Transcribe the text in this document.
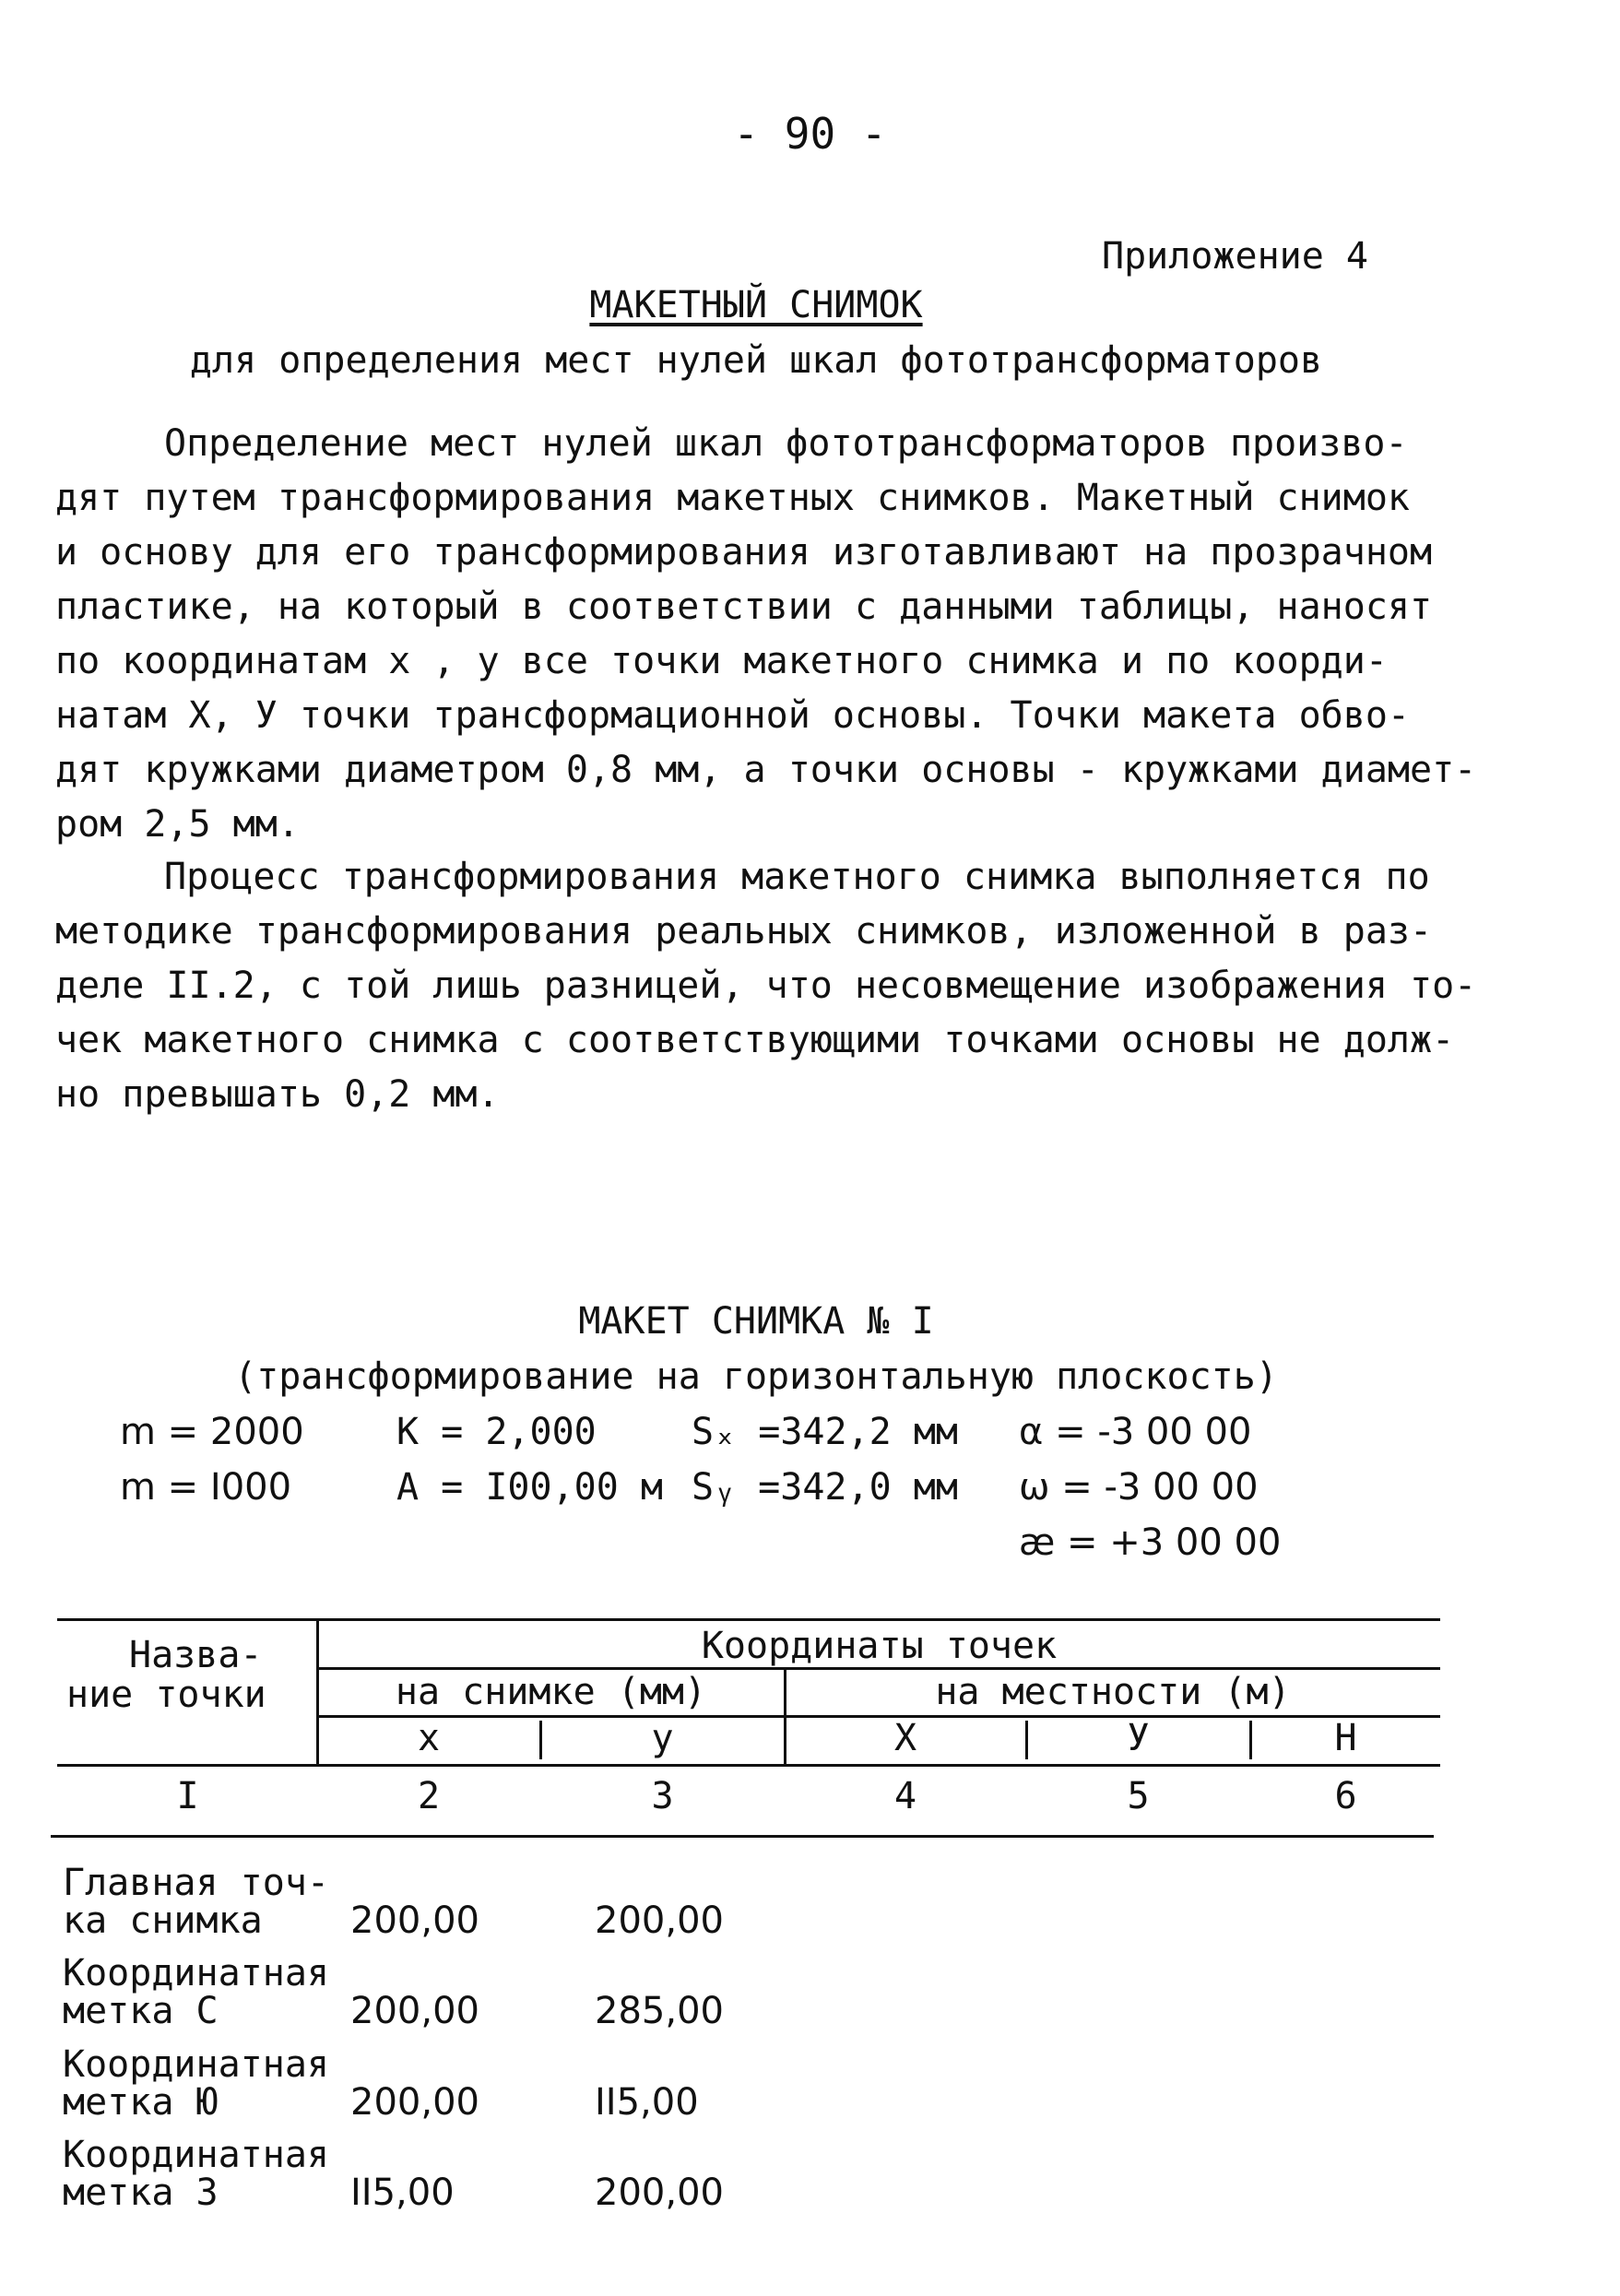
- 90 -
Приложение 4
МАКЕТНЫЙ СНИМОК
для определения мест нулей шкал фототрансформаторов
Определение мест нулей шкал фототрансформаторов произво-
дят путем трансформирования макетных снимков. Макетный снимок
и основу для его трансформирования изготавливают на прозрачном
пластике, на который в соответствии с данными таблицы, наносят
по координатам x , y все точки макетного снимка и по коорди-
натам X, У точки трансформационной основы. Точки макета обво-
дят кружками диаметром 0,8 мм, а точки основы - кружками диамет-
ром 2,5 мм.
Процесс трансформирования макетного снимка выполняется по
методике трансформирования реальных снимков, изложенной в раз-
деле II.2, с той лишь разницей, что несовмещение изображения то-
чек макетного снимка с соответствующими точками основы не долж-
но превышать 0,2 мм.
МАКЕТ СНИМКА № I
(трансформирование на горизонтальную плоскость)
m = 2000	К = 2,000	Sₓ =342,2 мм α = -3 00 00
m = I000	А = I00,00 м Sᵧ =342,0 мм ω = -3 00 00
æ = +3 00 00
Назва-
ние точки
Координаты точек
на снимке (мм)	на местности (м)
x	y	X	У	H
I	2	3	4	5	6
Главная точ-
ка снимка 200,00	200,00
Координатная
метка С	200,00	285,00
Координатная
метка Ю	200,00	II5,00
Координатная
метка З	II5,00	200,00
